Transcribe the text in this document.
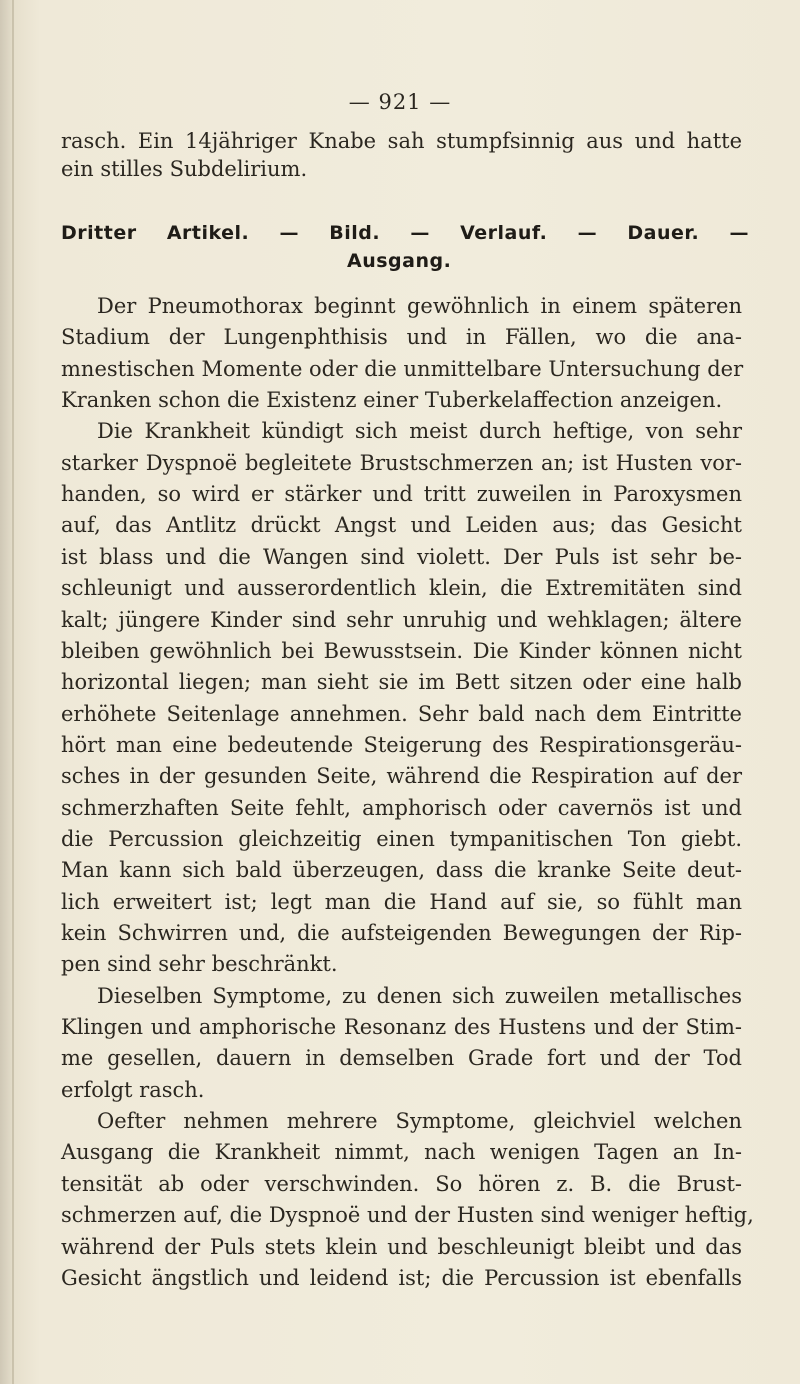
— 921 —
rasch. Ein 14jähriger Knabe sah stumpfsinnig aus und hatte
ein stilles Subdelirium.
Dritter Artikel. — Bild. — Verlauf. — Dauer. —
Ausgang.
Der Pneumothorax beginnt gewöhnlich in einem späteren
Stadium der Lungenphthisis und in Fällen, wo die ana-
mnestischen Momente oder die unmittelbare Untersuchung der
Kranken schon die Existenz einer Tuberkelaffection anzeigen.
Die Krankheit kündigt sich meist durch heftige, von sehr
starker Dyspnoë begleitete Brustschmerzen an; ist Husten vor-
handen, so wird er stärker und tritt zuweilen in Paroxysmen
auf, das Antlitz drückt Angst und Leiden aus; das Gesicht
ist blass und die Wangen sind violett. Der Puls ist sehr be-
schleunigt und ausserordentlich klein, die Extremitäten sind
kalt; jüngere Kinder sind sehr unruhig und wehklagen; ältere
bleiben gewöhnlich bei Bewusstsein. Die Kinder können nicht
horizontal liegen; man sieht sie im Bett sitzen oder eine halb
erhöhete Seitenlage annehmen. Sehr bald nach dem Eintritte
hört man eine bedeutende Steigerung des Respirationsgeräu-
sches in der gesunden Seite, während die Respiration auf der
schmerzhaften Seite fehlt, amphorisch oder cavernös ist und
die Percussion gleichzeitig einen tympanitischen Ton giebt.
Man kann sich bald überzeugen, dass die kranke Seite deut-
lich erweitert ist; legt man die Hand auf sie, so fühlt man
kein Schwirren und, die aufsteigenden Bewegungen der Rip-
pen sind sehr beschränkt.
Dieselben Symptome, zu denen sich zuweilen metallisches
Klingen und amphorische Resonanz des Hustens und der Stim-
me gesellen, dauern in demselben Grade fort und der Tod
erfolgt rasch.
Oefter nehmen mehrere Symptome, gleichviel welchen
Ausgang die Krankheit nimmt, nach wenigen Tagen an In-
tensität ab oder verschwinden. So hören z. B. die Brust-
schmerzen auf, die Dyspnoë und der Husten sind weniger heftig,
während der Puls stets klein und beschleunigt bleibt und das
Gesicht ängstlich und leidend ist; die Percussion ist ebenfalls
